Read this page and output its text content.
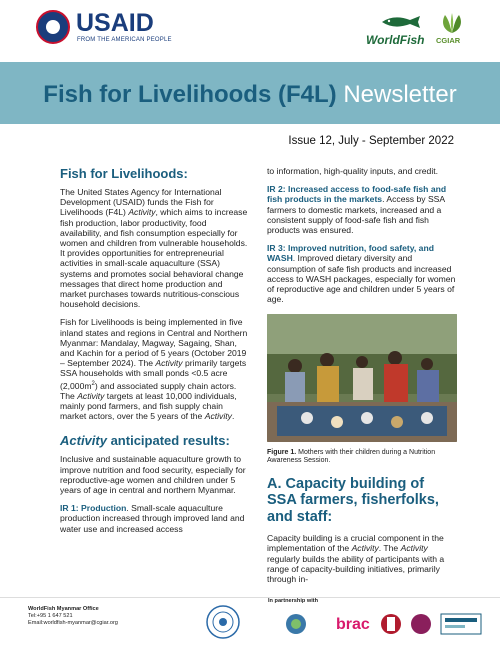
USAID
FROM THE AMERICAN PEOPLE	WorldFish CGIAR
Fish for Livelihoods (F4L) Newsletter
Issue 12, July - September 2022
Fish for Livelihoods:

The United States Agency for International Development (USAID) funds the Fish for Livelihoods (F4L) Activity, which aims to increase fish production, labor productivity, food availability, and fish consumption especially for women and children from vulnerable households. It provides opportunities for entrepreneurial activities in small-scale aquaculture (SSA) systems and promotes social behavioral change messages that direct home production and market purchases towards nutritious-conscious household decisions.

Fish for Livelihoods is being implemented in five inland states and regions in Central and Northern Myanmar: Mandalay, Magway, Sagaing, Shan, and Kachin for a period of 5 years (October 2019 – September 2024). The Activity primarily targets SSA households with small ponds <0.5 acre $(2,000m^2)$ and associated supply chain actors. The Activity targets at least 10,000 individuals, mainly pond farmers, and fish supply chain market actors, over the 5 years of the Activity.

Activity anticipated results:

Inclusive and sustainable aquaculture growth to improve nutrition and food security, especially for reproductive-age women and children under 5 years of age in central and northern Myanmar.

IR 1: Production. Small-scale aquaculture production increased through improved land and water use and increased access

to information, high-quality inputs, and credit.

IR 2: Increased access to food-safe fish and fish products in the markets. Access by SSA farmers to domestic markets, increased and a consistent supply of food-safe fish and fish products was ensured.

IR 3: Improved nutrition, food safety, and WASH. Improved dietary diversity and consumption of safe fish products and increased access to WASH packages, especially for women of reproductive age and children under 5 years of age.

Figure 1. Mothers with their children during a Nutrition Awareness Session.
A. Capacity building of SSA farmers, fisherfolks, and staff:

Capacity building is a crucial component in the implementation of the Activity. The Activity regularly builds the ability of participants with a range of capacity-building initiatives, primarily through in-

WorldFish Myanmar Office
Tel:+95 1 647 521
Email:worldfish-myanmar@cgiar.org
In partnership with
brac
